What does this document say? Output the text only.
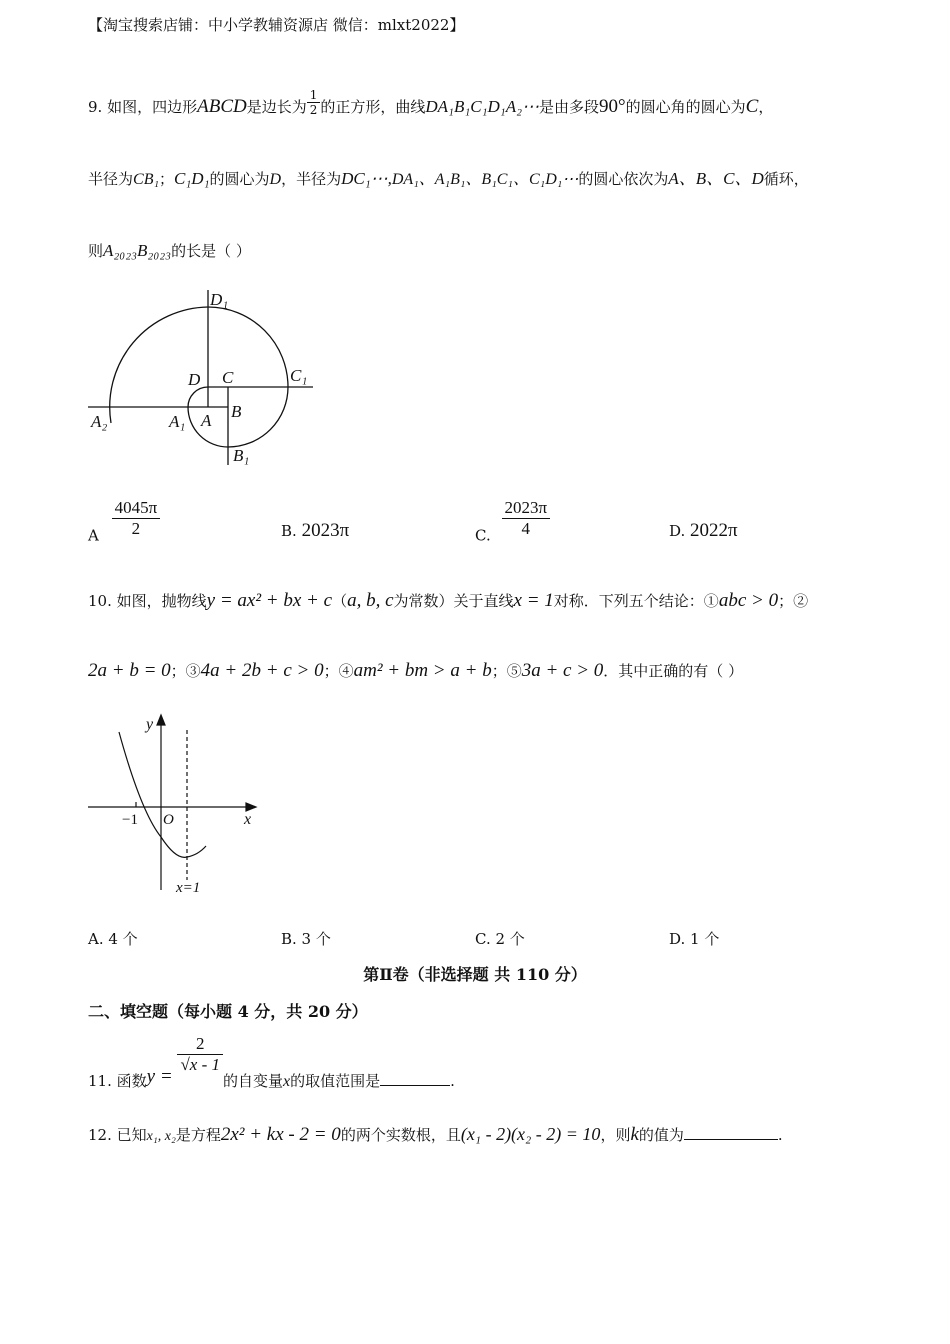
【淘宝搜索店铺：中小学教辅资源店 微信：mlxt2022】
9. 如图，四边形ABCD是边长为 $\frac{1}{2}$ 的正方形，曲线DA₁B₁C₁D₁A₂⋯是由多段90°的圆心角的圆心为C，
半径为CB₁；C₁D₁的圆心为D，半径为DC₁⋯,DA₁、A₁B₁、B₁C₁、C₁D₁⋯的圆心依次为A、B、C、D循环，
则A₂₀₂₃B₂₀₂₃的长是（ ）
D₁
D C	C₁
A₂	A₁ A B
B₁
A $\frac{4045\pi}{2}$	B. 2023π	C. $\frac{2023\pi}{4}$	D. 2022π
10. 如图，抛物线y = ax² + bx + c（a, b, c为常数）关于直线x = 1对称．下列五个结论：①abc > 0；②
2a + b = 0；③4a + 2b + c > 0；④am² + bm > a + b；⑤3a + c > 0．其中正确的有（ ）
y
x
−1 O
x=1
A. 4 个	B. 3 个	C. 2 个	D. 1 个
第Ⅱ卷（非选择题 共 110 分）
二、填空题（每小题 4 分，共 20 分）
11. 函数y =
$\frac{2}{√x - 1}$
的自变量x的取值范围是	.
12. 已知x₁, x₂是方程2x² + kx - 2 = 0的两个实数根，且(x₁ - 2)(x₂ - 2) = 10，则k的值为	.
